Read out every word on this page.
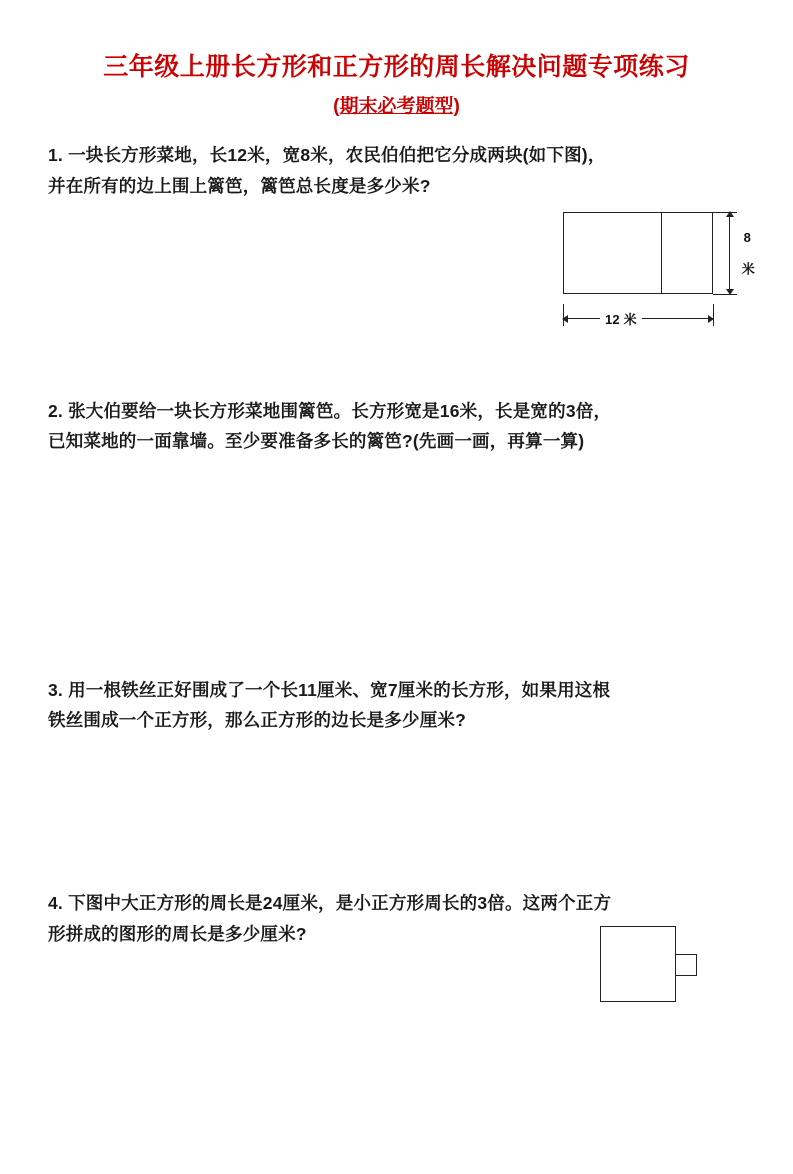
三年级上册长方形和正方形的周长解决问题专项练习
(期末必考题型)
1. 一块长方形菜地，长12米，宽8米，农民伯伯把它分成两块(如下图)，
并在所有的边上围上篱笆，篱笆总长度是多少米?
8 米
12 米
2. 张大伯要给一块长方形菜地围篱笆。长方形宽是16米，长是宽的3倍，
已知菜地的一面靠墙。至少要准备多长的篱笆?(先画一画，再算一算)
3. 用一根铁丝正好围成了一个长11厘米、宽7厘米的长方形，如果用这根
铁丝围成一个正方形，那么正方形的边长是多少厘米?
4. 下图中大正方形的周长是24厘米，是小正方形周长的3倍。这两个正方
形拼成的图形的周长是多少厘米?
